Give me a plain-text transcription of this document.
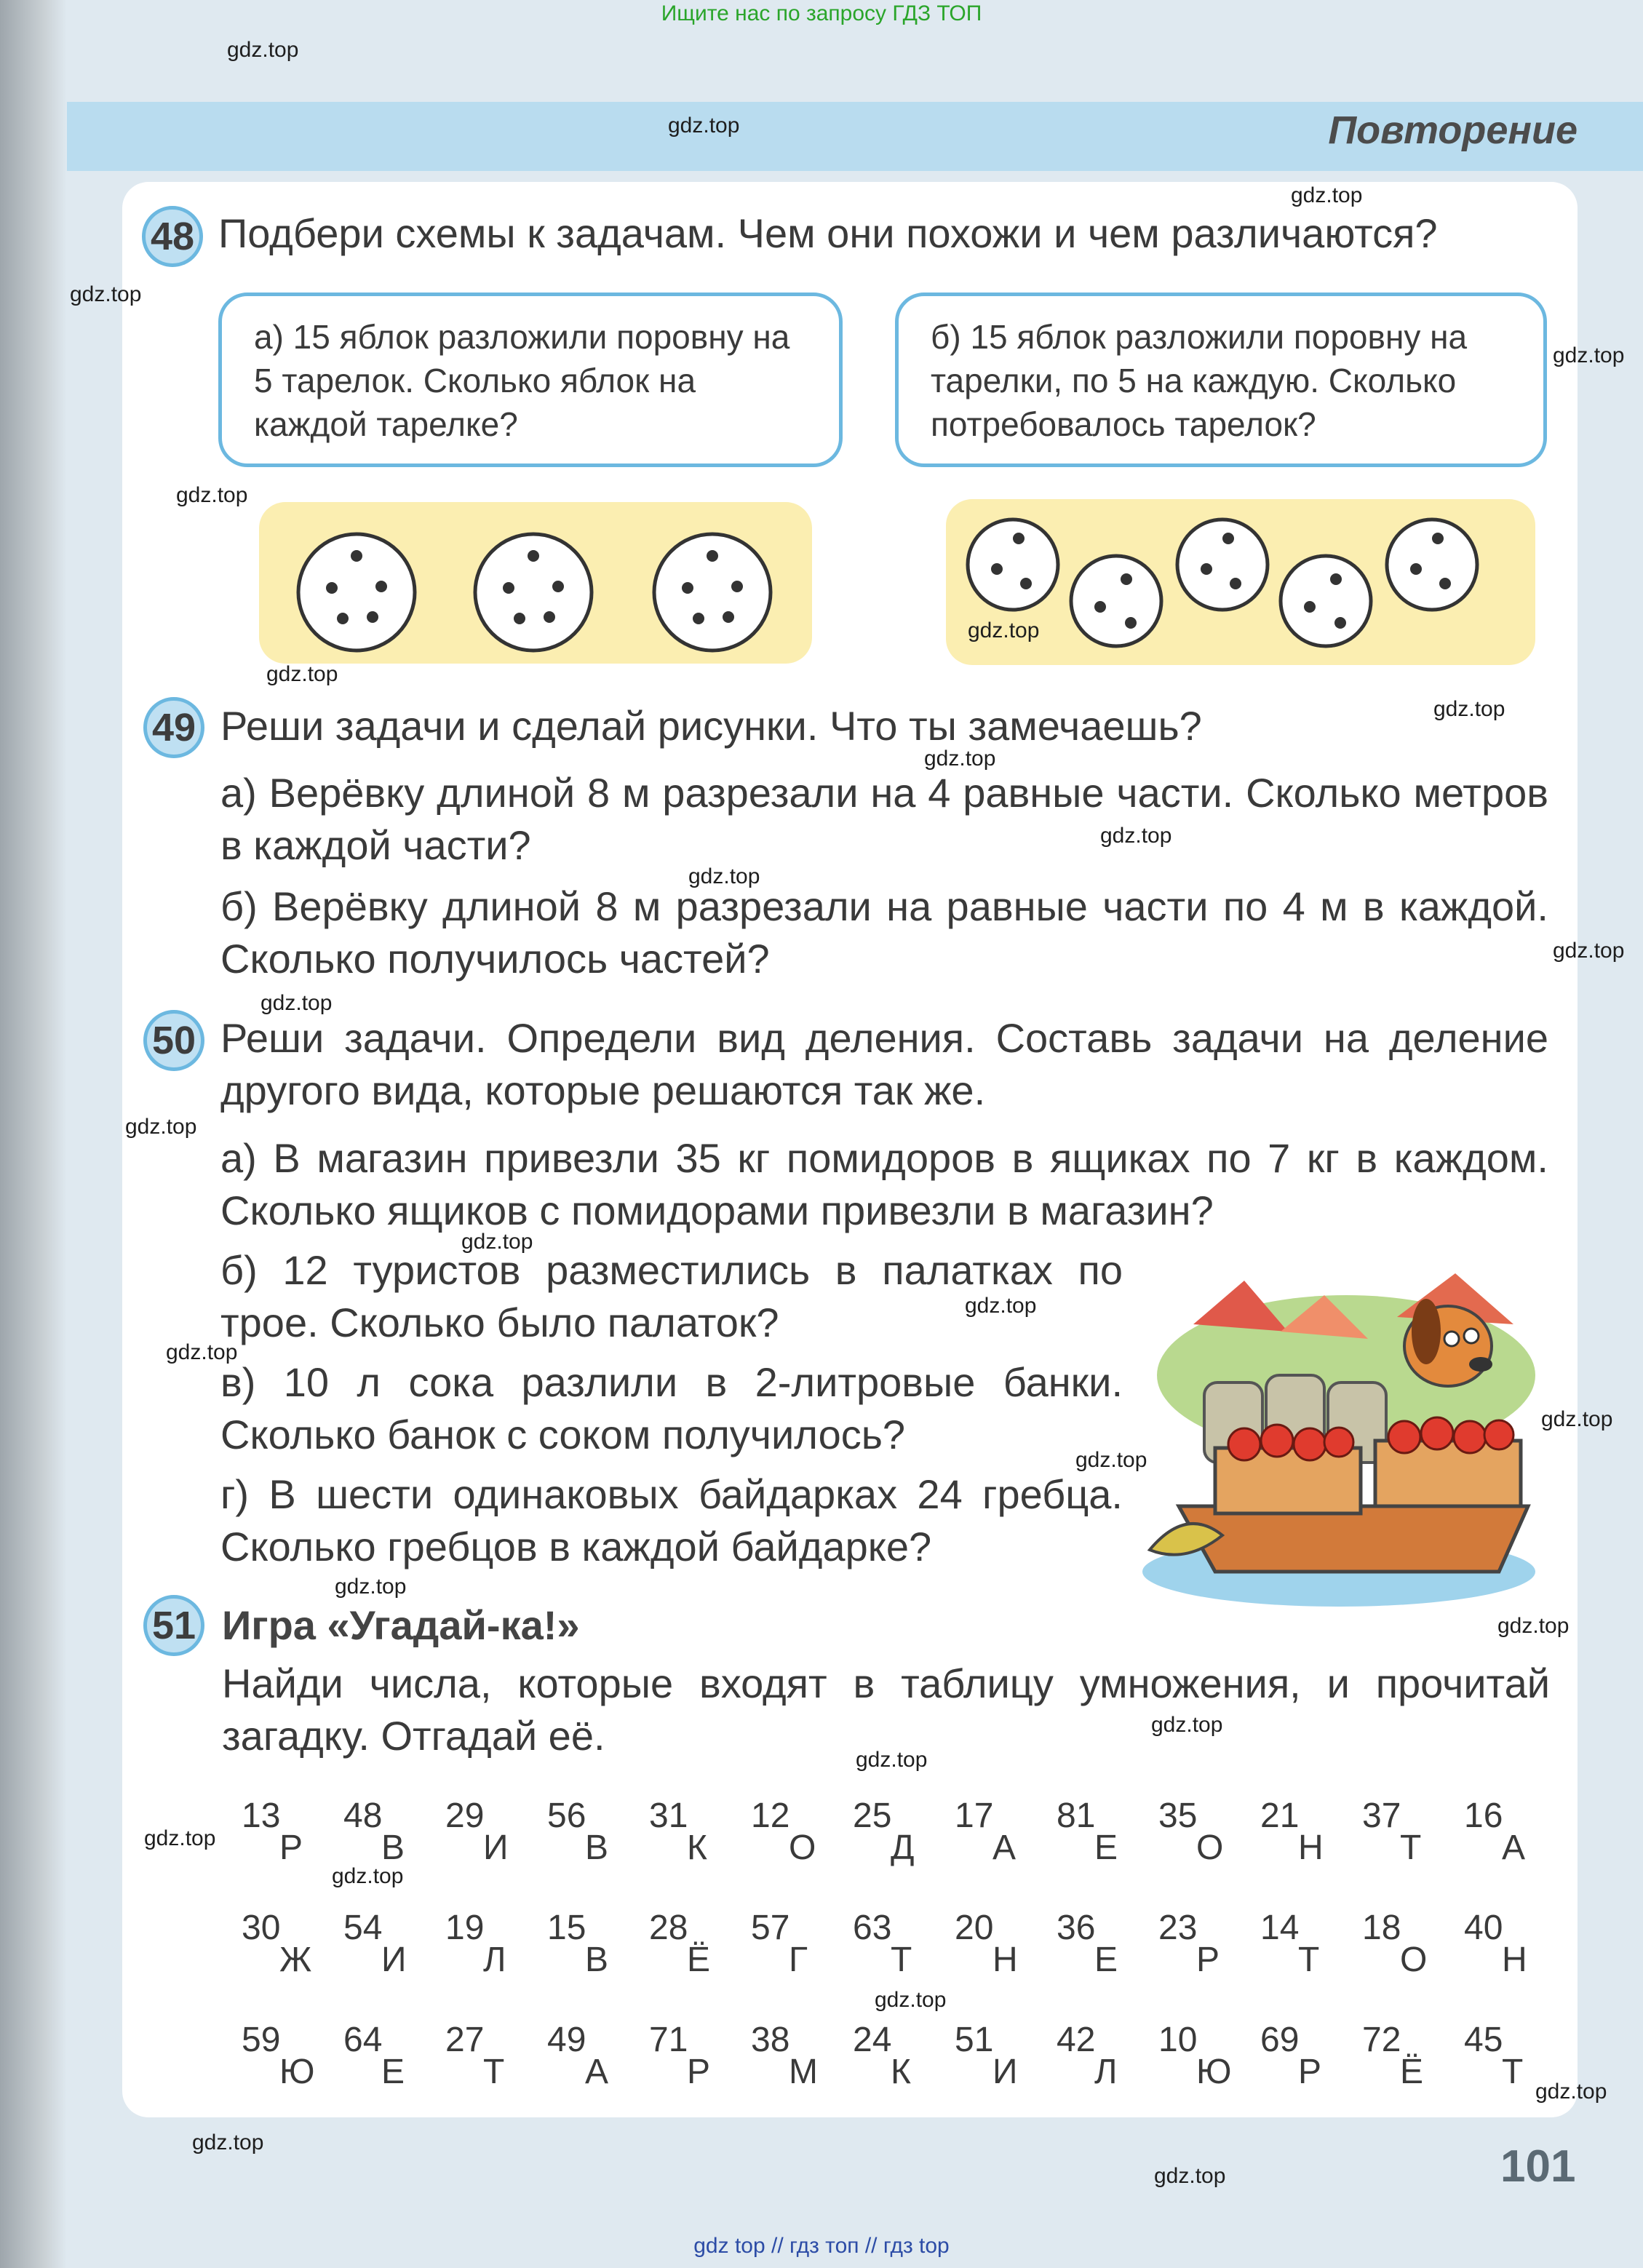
Ищите нас по запросу ГДЗ ТОП
Повторение
48 Подбери схемы к задачам. Чем они похожи и чем различаются?
а) 15 яблок разложили поровну на 5 тарелок. Сколько яблок на каждой тарелке?
б) 15 яблок разложили поровну на тарелки, по 5 на каждую. Сколько потребовалось тарелок?
49 Реши задачи и сделай рисунки. Что ты замечаешь?
а) Верёвку длиной 8 м разрезали на 4 равные части. Сколько метров в каждой части?
б) Верёвку длиной 8 м разрезали на равные части по 4 м в каждой. Сколько получилось частей?
50 Реши задачи. Определи вид деления. Составь задачи на деление другого вида, которые решаются так же.
а) В магазин привезли 35 кг помидоров в ящиках по 7 кг в каждом. Сколько ящиков с помидорами привезли в магазин?
б) 12 туристов разместились в палатках по трое. Сколько было палаток?
в) 10 л сока разлили в 2-литровые банки. Сколько банок с соком получилось?
г) В шести одинаковых байдарках 24 гребца. Сколько гребцов в каждой байдарке?
51 Игра «Угадай-ка!»
Найди числа, которые входят в таблицу умножения, и прочитай загадку. Отгадай её.
13
Р
48
В
29
И
56
В
31
К
12
О
25
Д
17
А
81
Е
35
О
21
Н
37
Т
16
А
30
Ж
54
И
19
Л
15
В
28
Ё
57
Г
63
Т
20
Н
36
Е
23
Р
14
Т
18
О
40
Н
59
Ю
64
Е
27
Т
49
А
71
Р
38
М
24
К
51
И
42
Л
10
Ю
69
Р
72
Ё
45
Т
101
gdz top // гдз топ // гдз top
gdz.top
gdz.top
gdz.top
gdz.top
gdz.top
gdz.top
gdz.top
gdz.top
gdz.top
gdz.top
gdz.top
gdz.top
gdz.top
gdz.top
gdz.top
gdz.top
gdz.top
gdz.top
gdz.top
gdz.top
gdz.top
gdz.top
gdz.top
gdz.top
gdz.top
gdz.top
gdz.top
gdz.top
gdz.top
gdz.top
